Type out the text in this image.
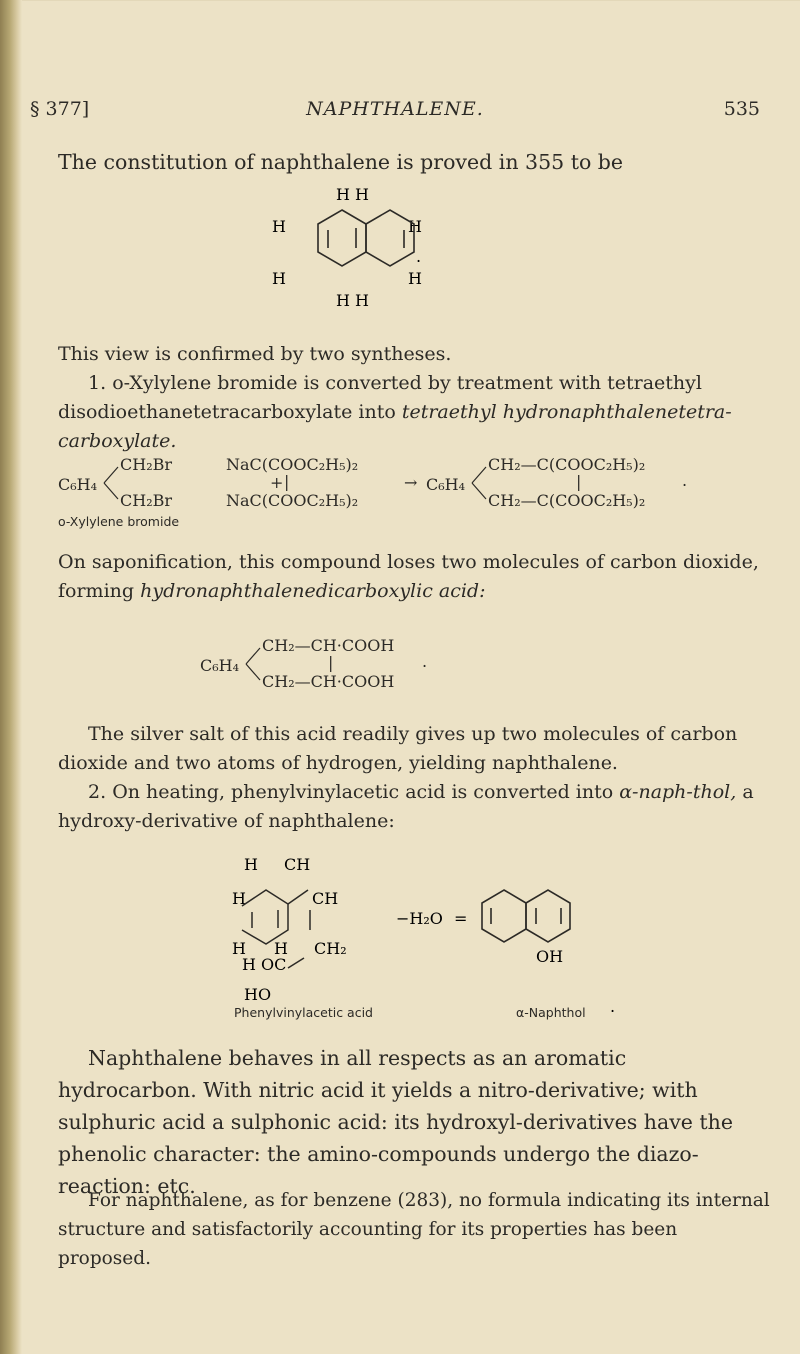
§ 377]	NAPHTHALENE.	535
The constitution of naphthalene is proved in 355 to be
H H
H	H
H	H
H H
.
This view is confirmed by two syntheses.
1. o-Xylylene bromide is converted by treatment with tetraethyl disodioethanetetracarboxylate into tetraethyl hydronaphthalenetetra-carboxylate.
C₆H₄
CH₂Br
CH₂Br
+
NaC(COOC₂H₅)₂
|
NaC(COOC₂H₅)₂
→ C₆H₄
CH₂—C(COOC₂H₅)₂
|
CH₂—C(COOC₂H₅)₂
.
o-Xylylene bromide
On saponification, this compound loses two molecules of carbon dioxide, forming hydronaphthalenedicarboxylic acid:
C₆H₄
CH₂—CH·COOH
|
CH₂—CH·COOH
.
The silver salt of this acid readily gives up two molecules of carbon dioxide and two atoms of hydrogen, yielding naphthalene.
2. On heating, phenylvinylacetic acid is converted into α-naph-thol, a hydroxy-derivative of naphthalene:
H CH
H	CH
H H CH₂
H OC
HO
−H₂O =
OH
.
Phenylvinylacetic acid	α-Naphthol
Naphthalene behaves in all respects as an aromatic hydrocarbon. With nitric acid it yields a nitro-derivative; with sulphuric acid a sulphonic acid: its hydroxyl-derivatives have the phenolic character: the amino-compounds undergo the diazo-reaction: etc.
For naphthalene, as for benzene (283), no formula indicating its internal structure and satisfactorily accounting for its properties has been proposed.
